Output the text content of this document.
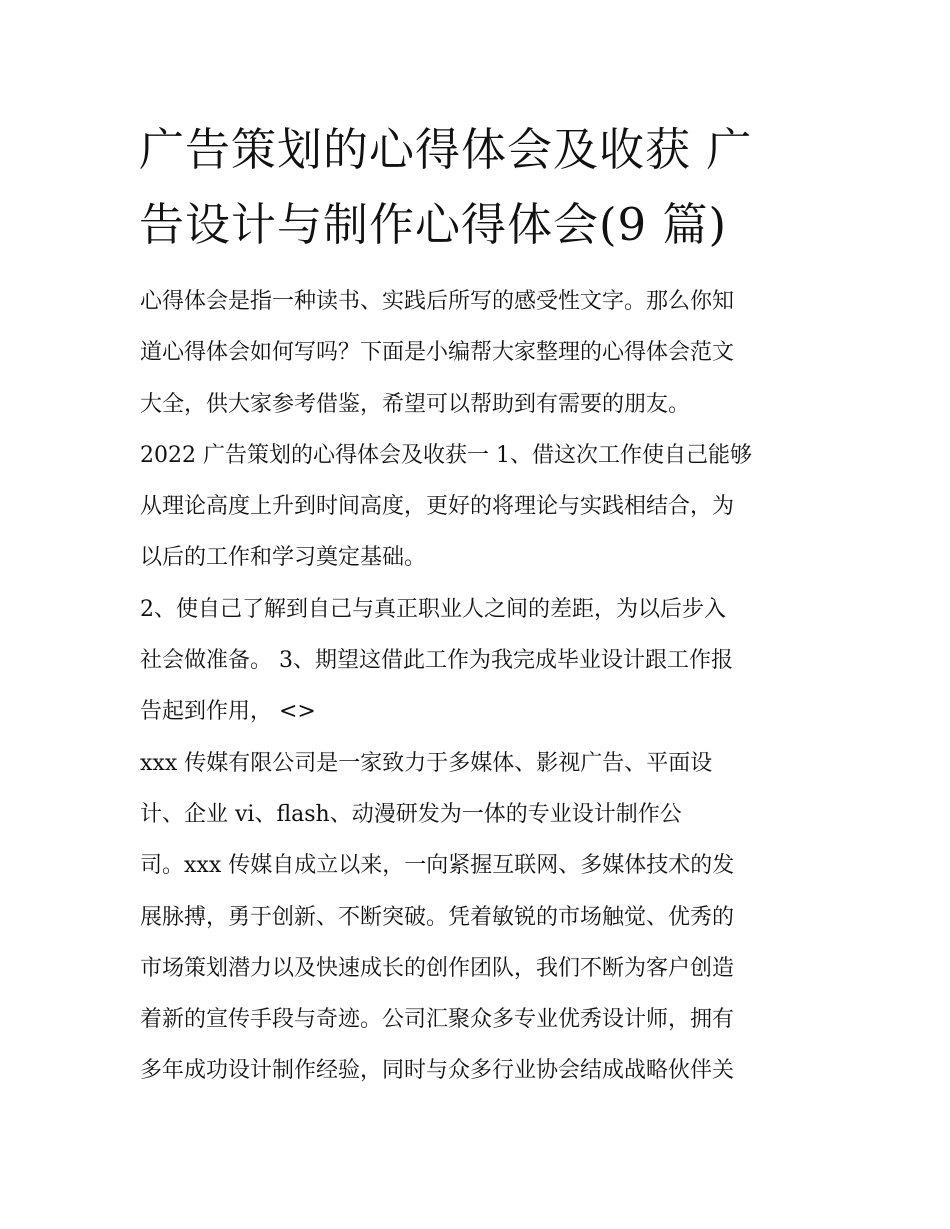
广告策划的心得体会及收获 广
告设计与制作心得体会(9 篇)
心得体会是指一种读书、实践后所写的感受性文字。那么你知
道心得体会如何写吗？下面是小编帮大家整理的心得体会范文
大全，供大家参考借鉴，希望可以帮助到有需要的朋友。
2022 广告策划的心得体会及收获一 1、借这次工作使自己能够
从理论高度上升到时间高度，更好的将理论与实践相结合，为
以后的工作和学习奠定基础。
2、使自己了解到自己与真正职业人之间的差距，为以后步入
社会做准备。 3、期望这借此工作为我完成毕业设计跟工作报
告起到作用， <>
xxx 传媒有限公司是一家致力于多媒体、影视广告、平面设
计、企业 vi、flash、动漫研发为一体的专业设计制作公
司。xxx 传媒自成立以来，一向紧握互联网、多媒体技术的发
展脉搏，勇于创新、不断突破。凭着敏锐的市场触觉、优秀的
市场策划潜力以及快速成长的创作团队，我们不断为客户创造
着新的宣传手段与奇迹。公司汇聚众多专业优秀设计师，拥有
多年成功设计制作经验，同时与众多行业协会结成战略伙伴关
